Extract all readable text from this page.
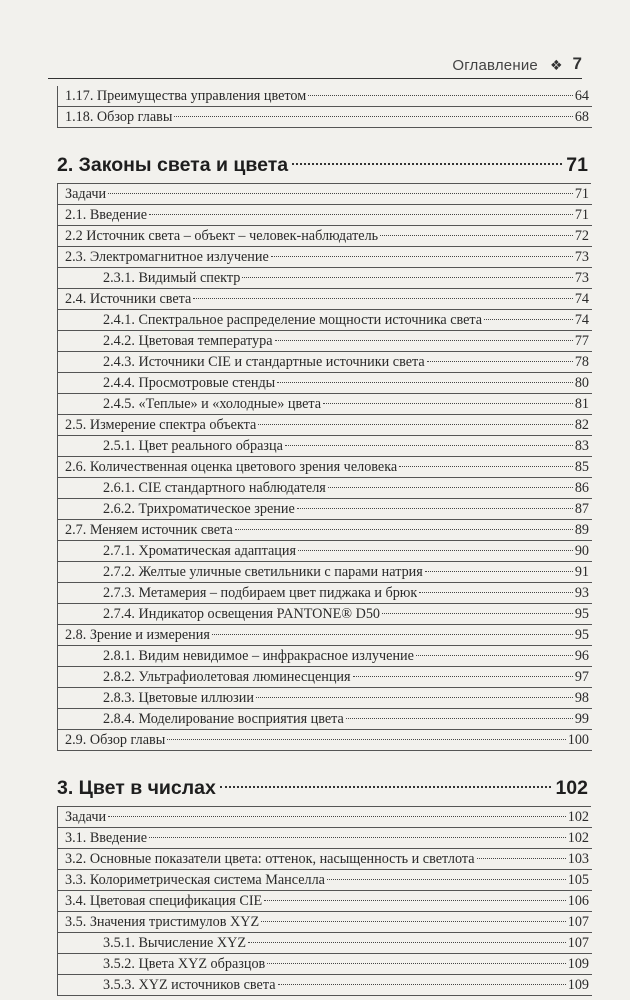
Оглавление ❖ 7
1.17. Преимущества управления цветом	64
1.18. Обзор главы	68
2. Законы света и цвета	71
Задачи	71
2.1. Введение	71
2.2 Источник света – объект – человек-наблюдатель	72
2.3. Электромагнитное излучение	73
2.3.1. Видимый спектр	73
2.4. Источники света	74
2.4.1. Спектральное распределение мощности источника света	74
2.4.2. Цветовая температура	77
2.4.3. Источники CIE и стандартные источники света	78
2.4.4. Просмотровые стенды	80
2.4.5. «Теплые» и «холодные» цвета	81
2.5. Измерение спектра объекта	82
2.5.1. Цвет реального образца	83
2.6. Количественная оценка цветового зрения человека	85
2.6.1. CIE стандартного наблюдателя	86
2.6.2. Трихроматическое зрение	87
2.7. Меняем источник света	89
2.7.1. Хроматическая адаптация	90
2.7.2. Желтые уличные светильники с парами натрия	91
2.7.3. Метамерия – подбираем цвет пиджака и брюк	93
2.7.4. Индикатор освещения PANTONE® D50	95
2.8. Зрение и измерения	95
2.8.1. Видим невидимое – инфракрасное излучение	96
2.8.2. Ультрафиолетовая люминесценция	97
2.8.3. Цветовые иллюзии	98
2.8.4. Моделирование восприятия цвета	99
2.9. Обзор главы	100
3. Цвет в числах	102
Задачи	102
3.1. Введение	102
3.2. Основные показатели цвета: оттенок, насыщенность и светлота	103
3.3. Колориметрическая система Манселла	105
3.4. Цветовая спецификация CIE	106
3.5. Значения тристимулов XYZ	107
3.5.1. Вычисление XYZ	107
3.5.2. Цвета XYZ образцов	109
3.5.3. XYZ источников света	109
